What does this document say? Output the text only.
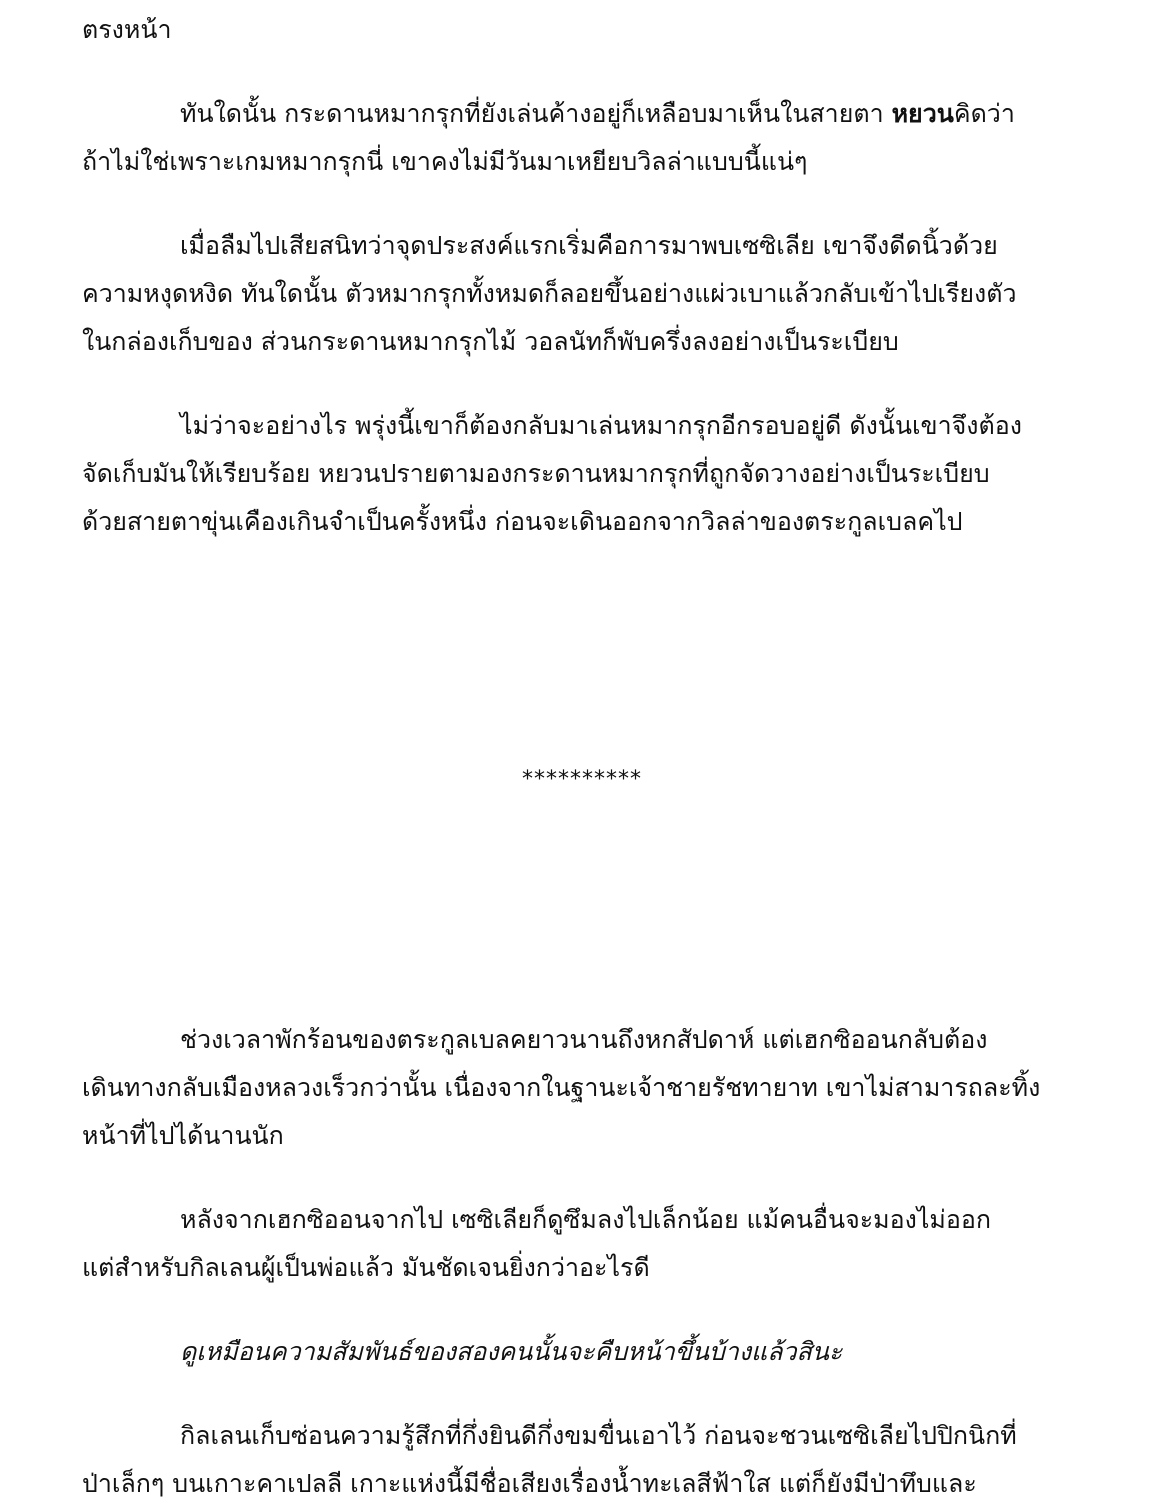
ตรงหน้า
ทันใดนั้น กระดานหมากรุกที่ยังเล่นค้างอยู่ก็เหลือบมาเห็นในสายตา หยวนคิดว่า
ถ้าไม่ใช่เพราะเกมหมากรุกนี่ เขาคงไม่มีวันมาเหยียบวิลล่าแบบนี้แน่ๆ
เมื่อลืมไปเสียสนิทว่าจุดประสงค์แรกเริ่มคือการมาพบเซซิเลีย เขาจึงดีดนิ้วด้วย
ความหงุดหงิด ทันใดนั้น ตัวหมากรุกทั้งหมดก็ลอยขึ้นอย่างแผ่วเบาแล้วกลับเข้าไปเรียงตัว
ในกล่องเก็บของ ส่วนกระดานหมากรุกไม้ วอลนัทก็พับครึ่งลงอย่างเป็นระเบียบ
ไม่ว่าจะอย่างไร พรุ่งนี้เขาก็ต้องกลับมาเล่นหมากรุกอีกรอบอยู่ดี ดังนั้นเขาจึงต้อง
จัดเก็บมันให้เรียบร้อย หยวนปรายตามองกระดานหมากรุกที่ถูกจัดวางอย่างเป็นระเบียบ
ด้วยสายตาขุ่นเคืองเกินจำเป็นครั้งหนึ่ง ก่อนจะเดินออกจากวิลล่าของตระกูลเบลคไป
**********
ช่วงเวลาพักร้อนของตระกูลเบลคยาวนานถึงหกสัปดาห์ แต่เฮกซิออนกลับต้อง
เดินทางกลับเมืองหลวงเร็วกว่านั้น เนื่องจากในฐานะเจ้าชายรัชทายาท เขาไม่สามารถละทิ้ง
หน้าที่ไปได้นานนัก
หลังจากเฮกซิออนจากไป เซซิเลียก็ดูซึมลงไปเล็กน้อย แม้คนอื่นจะมองไม่ออก
แต่สำหรับกิลเลนผู้เป็นพ่อแล้ว มันชัดเจนยิ่งกว่าอะไรดี
ดูเหมือนความสัมพันธ์ของสองคนนั้นจะคืบหน้าขึ้นบ้างแล้วสินะ
กิลเลนเก็บซ่อนความรู้สึกที่กึ่งยินดีกึ่งขมขื่นเอาไว้ ก่อนจะชวนเซซิเลียไปปิกนิกที่
ป่าเล็กๆ บนเกาะคาเปลลี เกาะแห่งนี้มีชื่อเสียงเรื่องน้ำทะเลสีฟ้าใส แต่ก็ยังมีป่าทึบและ
